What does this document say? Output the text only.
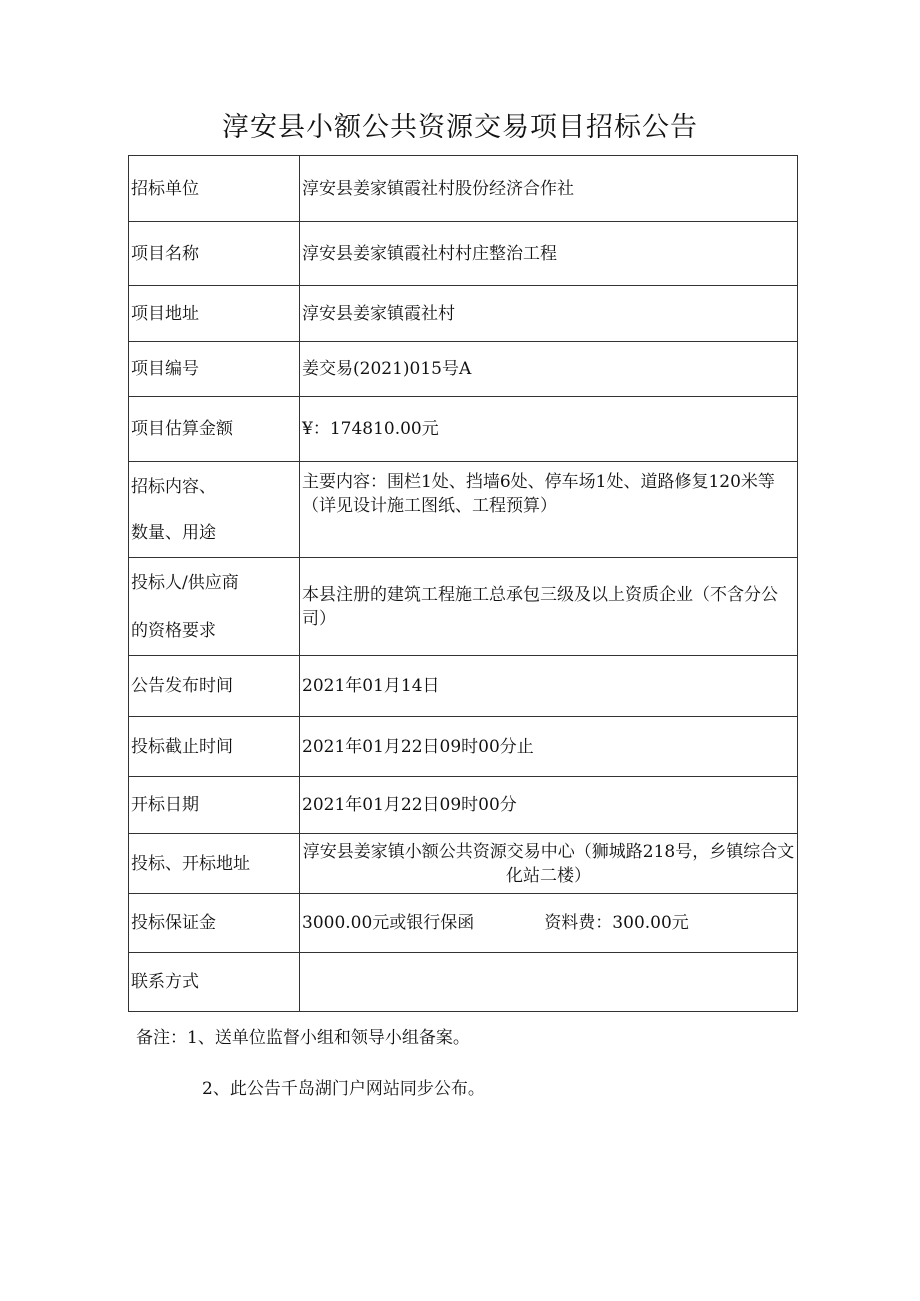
淳安县小额公共资源交易项目招标公告
招标单位	淳安县姜家镇霞社村股份经济合作社
项目名称	淳安县姜家镇霞社村村庄整治工程
项目地址	淳安县姜家镇霞社村
项目编号	姜交易(2021)015号A
项目估算金额	¥：174810.00元

招标内容、
数量、用途	主要内容：围栏1处、挡墙6处、停车场1处、道路修复120米等（详见设计施工图纸、工程预算）

投标人/供应商
的资格要求	本县注册的建筑工程施工总承包三级及以上资质企业（不含分公司）
公告发布时间	2021年01月14日
投标截止时间	2021年01月22日09时00分止
开标日期	2021年01月22日09时00分
投标、开标地址	淳安县姜家镇小额公共资源交易中心（狮城路218号，乡镇综合文化站二楼）
投标保证金	3000.00元或银行保函 资料费：300.00元
联系方式	
备注：1、送单位监督小组和领导小组备案。
2、此公告千岛湖门户网站同步公布。
